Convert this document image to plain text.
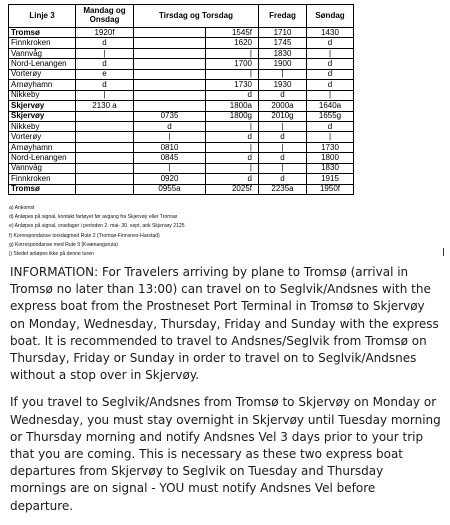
Linje 3	Mandag og Onsdag	Tirsdag og Torsdag		Fredag	Søndag
Tromsø	1920f		1545f	1710	1430
Finnkroken	d		1620	1745	d
Vannvåg	|		|	1830	|
Nord-Lenangen	d		1700	1900	d
Vorterøy	e		|	|	d
Arnøyhamn	d		1730	1930	d
Nikkeby	|		d	d	|
Skjervøy	2130 a		1800a	2000a	1640a
Skjervøy		0735	1800g	2010g	1655g
Nikkeby		d	|	|	d
Vorterøy		|	d	d	|
Arnøyhamn		0810	|	|	1730
Nord-Lenangen		0845	d	d	1800
Vannvåg		|	|	|	1830
Finnkroken		0920	d	d	1915
Tromsø		0955a	2025f	2235a	1950f
a) Ankomst
d) Anløpes på signal, kontakt fartøyet før avgang fra Skjervøy eller Tromsø
e) Anløpes på signal, onsdager i perioden 2. mai- 30. sept, ank Skjervøy 2125
f) Korrespondanse torsdagmed Rute 2 (Tromsø-Finnsnes-Harstad)
g) Korrespondanse med Rute 9 (Kvænangsruta)
|) Stedet anløpes ikke på denne turen

INFORMATION: For Travelers arriving by plane to Tromsø (arrival in Tromsø no later than 13:00) can travel on to Seglvik/Andsnes with the express boat from the Prostneset Port Terminal in Tromsø to Skjervøy on Monday, Wednesday, Thursday, Friday and Sunday with the express boat. It is recommended to travel to Andsnes/Seglvik from Tromsø on Thursday, Friday or Sunday in order to travel on to Seglvik/Andsnes without a stop over in Skjervøy.

If you travel to Seglvik/Andsnes from Tromsø to Skjervøy on Monday or Wednesday, you must stay overnight in Skjervøy until Tuesday morning or Thursday morning and notify Andsnes Vel 3 days prior to your trip that you are coming. This is necessary as these two express boat departures from Skjervøy to Seglvik on Tuesday and Thursday mornings are on signal - YOU must notify Andsnes Vel before departure.
